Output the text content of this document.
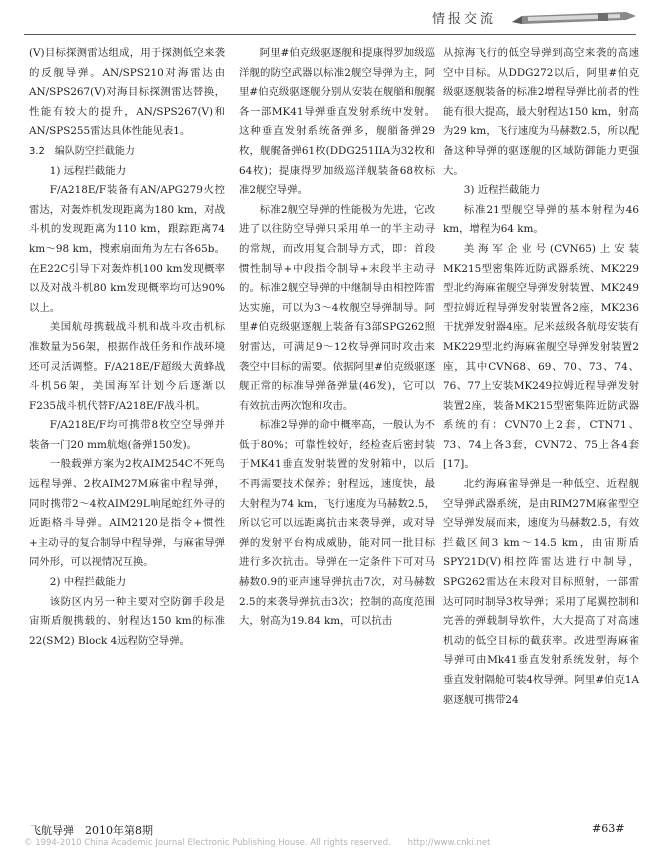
情报交流

(V)目标探测雷达组成，用于探测低空来袭的反舰导弹。AN/SPS210对海雷达由AN/SPS267(V)对海目标探测雷达替换，性能有较大的提升，AN/SPS267(V)和AN/SPS255雷达具体性能见表1。

3.2　编队防空拦截能力

1) 远程拦截能力

F/A218E/F装备有AN/APG279火控雷达，对轰炸机发现距离为180 km，对战斗机的发现距离为110 km，跟踪距离74 km～98 km，搜索扇面角为左右各65b。在E22C引导下对轰炸机100 km发现概率以及对战斗机80 km发现概率均可达90%以上。

美国航母携载战斗机和战斗攻击机标准数量为56架，根据作战任务和作战环境还可灵活调整。F/A218E/F超级大黄蜂战斗机56架，美国海军计划今后逐渐以F235战斗机代替F/A218E/F战斗机。

F/A218E/F均可携带8枚空空导弹并装备一门20 mm航炮(备弹150发)。

一般载弹方案为2枚AIM254C不死鸟远程导弹、2枚AIM27M麻雀中程导弹，同时携带2～4枚AIM29L响尾蛇红外寻的近距格斗导弹。AIM2120是指令+惯性+主动寻的复合制导中程导弹，与麻雀导弹同外形，可以视情况互换。

2) 中程拦截能力

该防区内另一种主要对空防御手段是宙斯盾舰携载的、射程达150 km的标准22(SM2) Block 4远程防空导弹。

阿里#伯克级驱逐舰和提康得罗加级巡洋舰的防空武器以标准2舰空导弹为主，阿里#伯克级驱逐舰分别从安装在舰艏和舰艉各一部MK41导弹垂直发射系统中发射。这种垂直发射系统备弹多，舰艏备弹29枚，舰艉备弹61枚(DDG251IIA为32枚和64枚)；提康得罗加级巡洋舰装备68枚标准2舰空导弹。

标准2舰空导弹的性能极为先进，它改进了以往防空导弹只采用单一的半主动寻的常规，而改用复合制导方式，即：首段惯性制导+中段指令制导+末段半主动寻的。标准2舰空导弹的中继制导由相控阵雷达实施，可以为3～4枚舰空导弹制导。阿里#伯克级驱逐舰上装备有3部SPG262照射雷达，可满足9～12枚导弹同时攻击来袭空中目标的需要。依据阿里#伯克级驱逐舰正常的标准导弹备弹量(46发)，它可以有效抗击两次饱和攻击。

标准2导弹的命中概率高，一般认为不低于80%；可靠性较好，经检查后密封装于MK41垂直发射装置的发射箱中，以后不再需要技术保养；射程远，速度快，最大射程为74 km，飞行速度为马赫数2.5，所以它可以远距离抗击来袭导弹，或对导弹的发射平台构成威胁，能对同一批目标进行多次抗击。导弹在一定条件下可对马赫数0.9的亚声速导弹抗击7次，对马赫数2.5的来袭导弹抗击3次；控制的高度范围大，射高为19.84 km，可以抗击

从掠海飞行的低空导弹到高空来袭的高速空中目标。从DDG272以后，阿里#伯克级驱逐舰装备的标准2增程导弹比前者的性能有很大提高，最大射程达150 km，射高为29 km，飞行速度为马赫数2.5，所以配备这种导弹的驱逐舰的区域防御能力更强大。

3) 近程拦截能力

标准21型舰空导弹的基本射程为46 km，增程为64 km。

美海军企业号(CVN65)上安装MK215型密集阵近防武器系统、MK229型北约海麻雀舰空导弹发射装置、MK249型拉姆近程导弹发射装置各2座，MK236干扰弹发射器4座。尼米兹级各航母安装有MK229型北约海麻雀舰空导弹发射装置2座，其中CVN68、69、70、73、74、76、77上安装MK249拉姆近程导弹发射装置2座，装备MK215型密集阵近防武器系统的有：CVN70上2套，CTN71、73、74上各3套，CVN72、75上各4套[17]。

北约海麻雀导弹是一种低空、近程舰空导弹武器系统，是由RIM27M麻雀型空空导弹发展而来，速度为马赫数2.5，有效拦截区间3 km～14.5 km，由宙斯盾SPY21D(V)相控阵雷达进行中制导，SPG262雷达在末段对目标照射，一部雷达可同时制导3枚导弹；采用了尾翼控制和完善的弹载制导软件，大大提高了对高速机动的低空目标的截获率。改进型海麻雀导弹可由Mk41垂直发射系统发射，每个垂直发射隔舱可装4枚导弹。阿里#伯克1A驱逐舰可携带24

飞航导弹　2010年第8期	#63#
© 1994-2010 China Academic Journal Electronic Publishing House. All rights reserved.　　http://www.cnki.net
